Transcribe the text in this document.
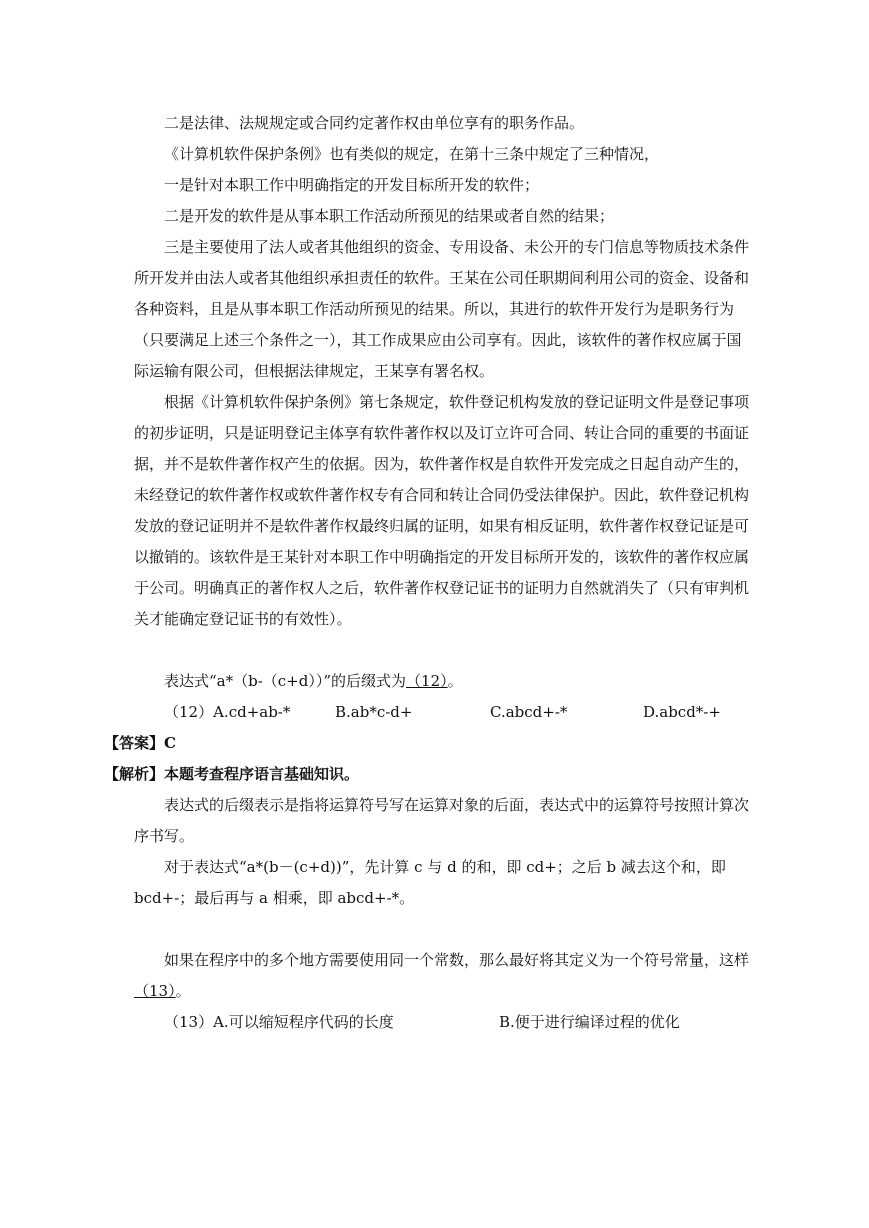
二是法律、法规规定或合同约定著作权由单位享有的职务作品。

《计算机软件保护条例》也有类似的规定，在第十三条中规定了三种情况，

一是针对本职工作中明确指定的开发目标所开发的软件；

二是开发的软件是从事本职工作活动所预见的结果或者自然的结果；

三是主要使用了法人或者其他组织的资金、专用设备、未公开的专门信息等物质技术条件所开发并由法人或者其他组织承担责任的软件。王某在公司任职期间利用公司的资金、设备和各种资料，且是从事本职工作活动所预见的结果。所以，其进行的软件开发行为是职务行为（只要满足上述三个条件之一），其工作成果应由公司享有。因此，该软件的著作权应属于国际运输有限公司，但根据法律规定，王某享有署名权。

根据《计算机软件保护条例》第七条规定，软件登记机构发放的登记证明文件是登记事项的初步证明，只是证明登记主体享有软件著作权以及订立许可合同、转让合同的重要的书面证据，并不是软件著作权产生的依据。因为，软件著作权是自软件开发完成之日起自动产生的，未经登记的软件著作权或软件著作权专有合同和转让合同仍受法律保护。因此，软件登记机构发放的登记证明并不是软件著作权最终归属的证明，如果有相反证明，软件著作权登记证是可以撤销的。该软件是王某针对本职工作中明确指定的开发目标所开发的，该软件的著作权应属于公司。明确真正的著作权人之后，软件著作权登记证书的证明力自然就消失了（只有审判机关才能确定登记证书的有效性）。

表达式“a*（b-（c+d））”的后缀式为（12）。

（12）A.cd+ab-*	B.ab*c-d+	C.abcd+-*	D.abcd*-+

【答案】C

【解析】本题考查程序语言基础知识。

表达式的后缀表示是指将运算符号写在运算对象的后面，表达式中的运算符号按照计算次序书写。

对于表达式“a*(b－(c+d))”，先计算 c 与 d 的和，即 cd+；之后 b 减去这个和，即 bcd+-；最后再与 a 相乘，即 abcd+-*。

如果在程序中的多个地方需要使用同一个常数，那么最好将其定义为一个符号常量，这样（13）。

（13）A.可以缩短程序代码的长度	B.便于进行编译过程的优化
